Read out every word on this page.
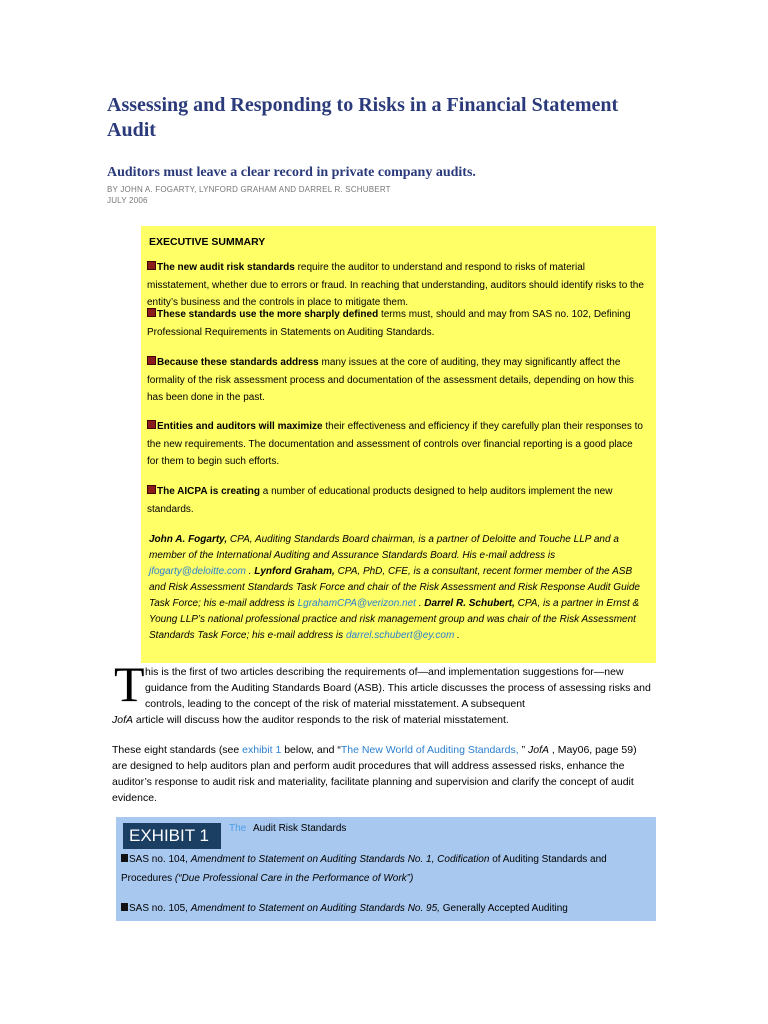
Assessing and Responding to Risks in a Financial Statement Audit
Auditors must leave a clear record in private company audits.
BY JOHN A. FOGARTY, LYNFORD GRAHAM AND DARREL R. SCHUBERT
JULY 2006
EXECUTIVE SUMMARY
The new audit risk standards require the auditor to understand and respond to risks of material misstatement, whether due to errors or fraud. In reaching that understanding, auditors should identify risks to the entity’s business and the controls in place to mitigate them.
These standards use the more sharply defined terms must, should and may from SAS no. 102, Defining Professional Requirements in Statements on Auditing Standards.
Because these standards address many issues at the core of auditing, they may significantly affect the formality of the risk assessment process and documentation of the assessment details, depending on how this has been done in the past.
Entities and auditors will maximize their effectiveness and efficiency if they carefully plan their responses to the new requirements. The documentation and assessment of controls over financial reporting is a good place for them to begin such efforts.
The AICPA is creating a number of educational products designed to help auditors implement the new standards.
John A. Fogarty, CPA, Auditing Standards Board chairman, is a partner of Deloitte and Touche LLP and a member of the International Auditing and Assurance Standards Board. His e-mail address is jfogarty@deloitte.com . Lynford Graham, CPA, PhD, CFE, is a consultant, recent former member of the ASB and Risk Assessment Standards Task Force and chair of the Risk Assessment and Risk Response Audit Guide Task Force; his e-mail address is LgrahamCPA@verizon.net . Darrel R. Schubert, CPA, is a partner in Ernst & Young LLP’s national professional practice and risk management group and was chair of the Risk Assessment Standards Task Force; his e-mail address is darrel.schubert@ey.com .
T his is the first of two articles describing the requirements of—and implementation suggestions for—new guidance from the Auditing Standards Board (ASB). This article discusses the process of assessing risks and controls, leading to the concept of the risk of material misstatement. A subsequent
JofA article will discuss how the auditor responds to the risk of material misstatement.
These eight standards (see exhibit 1 below, and “The New World of Auditing Standards, ” JofA , May06, page 59) are designed to help auditors plan and perform audit procedures that will address assessed risks, enhance the auditor’s response to audit risk and materiality, facilitate planning and supervision and clarify the concept of audit evidence.
EXHIBIT 1	The Audit Risk Standards
SAS no. 104, Amendment to Statement on Auditing Standards No. 1, Codification of Auditing Standards and Procedures (“Due Professional Care in the Performance of Work”)
SAS no. 105, Amendment to Statement on Auditing Standards No. 95, Generally Accepted Auditing
